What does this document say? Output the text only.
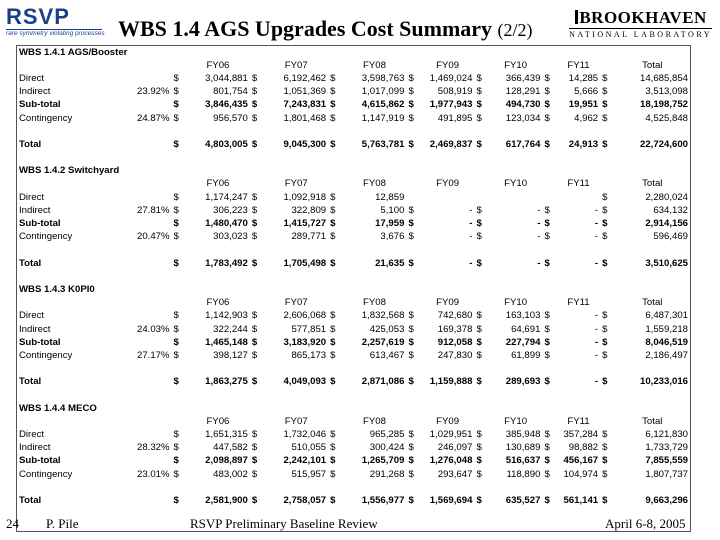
RSVP
rare symmetry violating processes WBS 1.4 AGS Upgrades Cost Summary (2/2)
BROOKHAVEN
NATIONAL LABORATORY
WBS 1.4.1 AGS/Booster															
			FY06		FY07		FY08		FY09		FY10		FY11		Total
Direct		$	3,044,881	$	6,192,462	$	3,598,763	$	1,469,024	$	366,439	$	14,285	$	14,685,854
Indirect	23.92%	$	801,754	$	1,051,369	$	1,017,099	$	508,919	$	128,291	$	5,666	$	3,513,098
Sub-total		$	3,846,435	$	7,243,831	$	4,615,862	$	1,977,943	$	494,730	$	19,951	$	18,198,752
Contingency	24.87%	$	956,570	$	1,801,468	$	1,147,919	$	491,895	$	123,034	$	4,962	$	4,525,848

Total		$	4,803,005	$	9,045,300	$	5,763,781	$	2,469,837	$	617,764	$	24,913	$	22,724,600

WBS 1.4.2 Switchyard															
			FY06		FY07		FY08		FY09		FY10		FY11		Total
Direct		$	1,174,247	$	1,092,918	$	12,859							$	2,280,024
Indirect	27.81%	$	306,223	$	322,809	$	5,100	$	-	$	-	$	-	$	634,132
Sub-total		$	1,480,470	$	1,415,727	$	17,959	$	-	$	-	$	-	$	2,914,156
Contingency	20.47%	$	303,023	$	289,771	$	3,676	$	-	$	-	$	-	$	596,469

Total		$	1,783,492	$	1,705,498	$	21,635	$	-	$	-	$	-	$	3,510,625

WBS 1.4.3 K0PI0															
			FY06		FY07		FY08		FY09		FY10		FY11		Total
Direct		$	1,142,903	$	2,606,068	$	1,832,568	$	742,680	$	163,103	$	-	$	6,487,301
Indirect	24.03%	$	322,244	$	577,851	$	425,053	$	169,378	$	64,691	$	-	$	1,559,218
Sub-total		$	1,465,148	$	3,183,920	$	2,257,619	$	912,058	$	227,794	$	-	$	8,046,519
Contingency	27.17%	$	398,127	$	865,173	$	613,467	$	247,830	$	61,899	$	-	$	2,186,497

Total		$	1,863,275	$	4,049,093	$	2,871,086	$	1,159,888	$	289,693	$	-	$	10,233,016

WBS 1.4.4 MECO															
			FY06		FY07		FY08		FY09		FY10		FY11		Total
Direct		$	1,651,315	$	1,732,046	$	965,285	$	1,029,951	$	385,948	$	357,284	$	6,121,830
Indirect	28.32%	$	447,582	$	510,055	$	300,424	$	246,097	$	130,689	$	98,882	$	1,733,729
Sub-total		$	2,098,897	$	2,242,101	$	1,265,709	$	1,276,048	$	516,637	$	456,167	$	7,855,559
Contingency	23.01%	$	483,002	$	515,957	$	291,268	$	293,647	$	118,890	$	104,974	$	1,807,737

Total		$	2,581,900	$	2,758,057	$	1,556,977	$	1,569,694	$	635,527	$	561,141	$	9,663,296
24 P. Pile	RSVP Preliminary Baseline Review	April 6-8, 2005
